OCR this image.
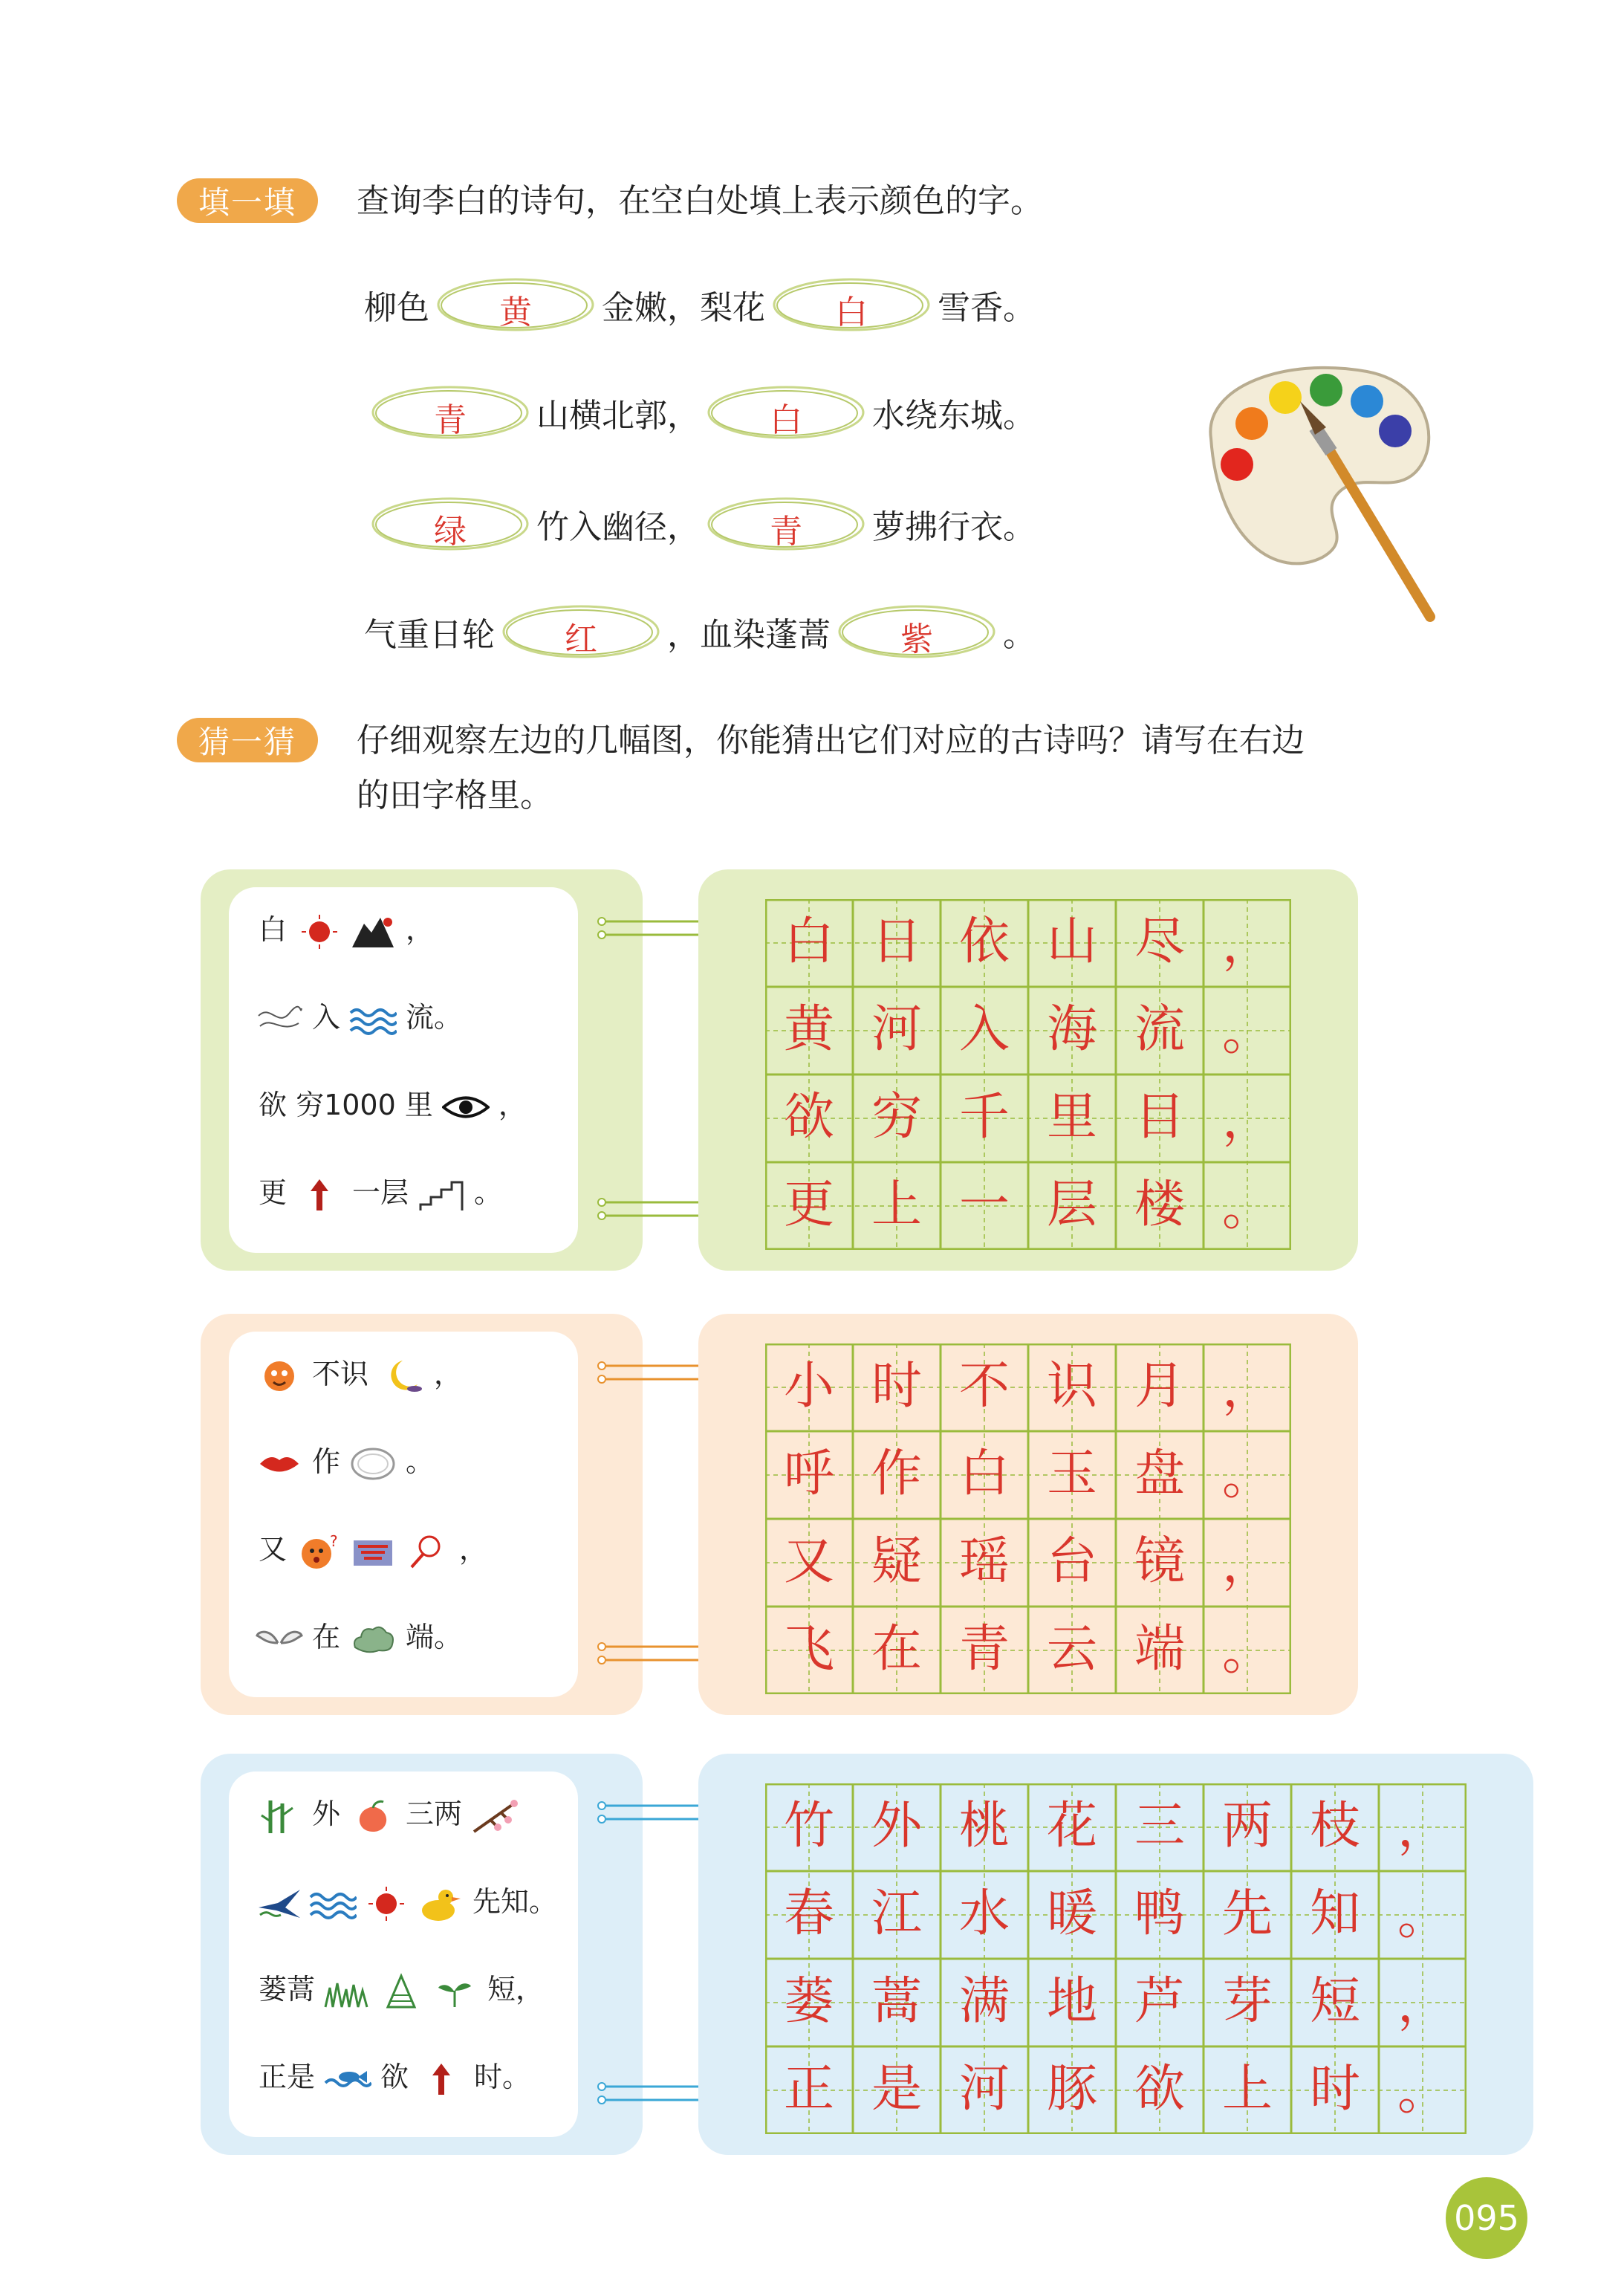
填一填 查询李白的诗句，在空白处填上表示颜色的字。
柳色	黄	金嫩，梨花	白	雪香。
青	山横北郭，	白	水绕东城。
绿	竹入幽径，	青	萝拂行衣。
气重日轮	红	，血染蓬蒿	紫	。
猜一猜 仔细观察左边的几幅图，你能猜出它们对应的古诗吗？请写在右边
的田字格里。
白	，
入 流。
欲 穷1000 里 ，
更 一层 。
白 日 依 山 尽 ，
黄 河 入 海 流 。
欲 穷 千 里 目 ，
更 上 一 层 楼 。
不识 ，
作 。
又	?	，
在 端。
小 时 不 识 月 ，
呼 作 白 玉 盘 。
又 疑 瑶 台 镜 ，
飞 在 青 云 端 。
外 三两
先知。
蒌蒿	短，
正是 欲 时。
竹 外 桃 花 三 两 枝 ，
春 江 水 暖 鸭 先 知 。
蒌 蒿 满 地 芦 芽 短 ，
正 是 河 豚 欲 上 时 。
095
